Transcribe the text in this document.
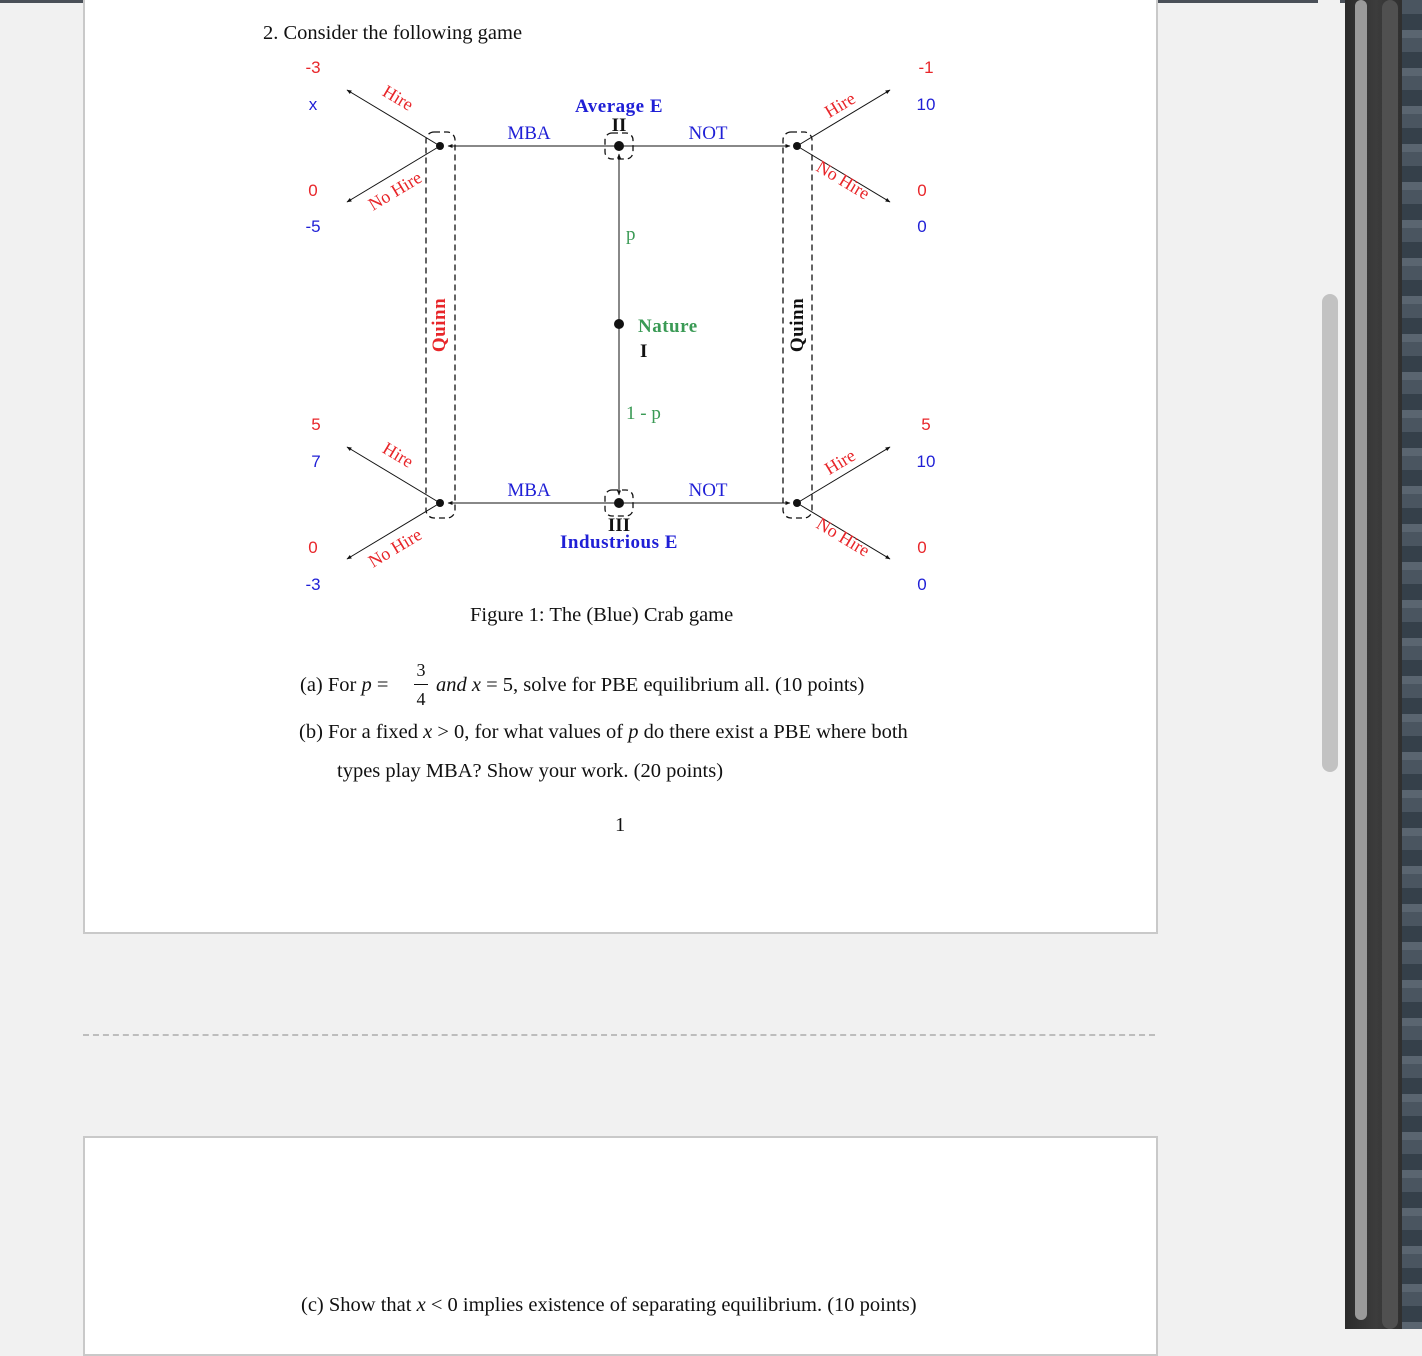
Average E
II
III
Industrious E
Nature
I
p
1 - p
MBA	NOT
MBA	NOT
Quinn	Quinn
Hire
No Hire
Hire
No Hire
Hire
No Hire
Hire
No Hire
-3
x
0
-5
-1
10
0
0
5
7
0
-3
5
10
0
0
2. Consider the following game
Figure 1: The (Blue) Crab game
(a) For p =
3
4
and x = 5, solve for PBE equilibrium all. (10 points)
(b) For a fixed x > 0, for what values of p do there exist a PBE where both
types play MBA? Show your work. (20 points)
1
(c) Show that x < 0 implies existence of separating equilibrium. (10 points)
